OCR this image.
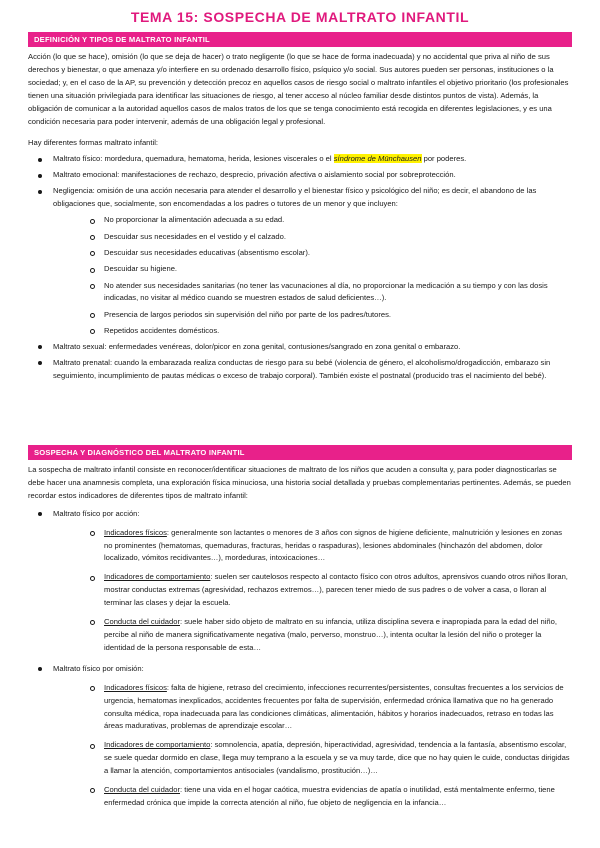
TEMA 15: SOSPECHA DE MALTRATO INFANTIL
DEFINICIÓN Y TIPOS DE MALTRATO INFANTIL

Acción (lo que se hace), omisión (lo que se deja de hacer) o trato negligente (lo que se hace de forma inadecuada) y no accidental que priva al niño de sus derechos y bienestar, o que amenaza y/o interfiere en su ordenado desarrollo físico, psíquico y/o social. Sus autores pueden ser personas, instituciones o la sociedad; y, en el caso de la AP, su prevención y detección precoz en aquellos casos de riesgo social o maltrato infantiles el objetivo prioritario (los profesionales tienen una situación privilegiada para identificar las situaciones de riesgo, al tener acceso al núcleo familiar desde distintos puntos de vista). Además, la obligación de comunicar a la autoridad aquellos casos de malos tratos de los que se tenga conocimiento está recogida en diferentes legislaciones, y es una condición necesaria para poder intervenir, además de una obligación legal y profesional.

Hay diferentes formas maltrato infantil:

Maltrato físico: mordedura, quemadura, hematoma, herida, lesiones viscerales o el síndrome de Münchausen por poderes.
Maltrato emocional: manifestaciones de rechazo, desprecio, privación afectiva o aislamiento social por sobreprotección.
Negligencia: omisión de una acción necesaria para atender el desarrollo y el bienestar físico y psicológico del niño; es decir, el abandono de las obligaciones que, socialmente, son encomendadas a los padres o tutores de un menor y que incluyen:
No proporcionar la alimentación adecuada a su edad.
Descuidar sus necesidades en el vestido y el calzado.
Descuidar sus necesidades educativas (absentismo escolar).
Descuidar su higiene.
No atender sus necesidades sanitarias (no tener las vacunaciones al día, no proporcionar la medicación a su tiempo y con las dosis indicadas, no visitar al médico cuando se muestren estados de salud deficientes…).
Presencia de largos periodos sin supervisión del niño por parte de los padres/tutores.
Repetidos accidentes domésticos.
Maltrato sexual: enfermedades venéreas, dolor/picor en zona genital, contusiones/sangrado en zona genital o embarazo.
Maltrato prenatal: cuando la embarazada realiza conductas de riesgo para su bebé (violencia de género, el alcoholismo/drogadicción, embarazo sin seguimiento, incumplimiento de pautas médicas o exceso de trabajo corporal). También existe el postnatal (producido tras el nacimiento del bebé).
SOSPECHA Y DIAGNÓSTICO DEL MALTRATO INFANTIL

La sospecha de maltrato infantil consiste en reconocer/identificar situaciones de maltrato de los niños que acuden a consulta y, para poder diagnosticarlas se debe hacer una anamnesis completa, una exploración física minuciosa, una historia social detallada y pruebas complementarias pertinentes. Además, se pueden recordar estos indicadores de diferentes tipos de maltrato infantil:

Maltrato físico por acción:
Indicadores físicos: generalmente son lactantes o menores de 3 años con signos de higiene deficiente, malnutrición y lesiones en zonas no prominentes (hematomas, quemaduras, fracturas, heridas o raspaduras), lesiones abdominales (hinchazón del abdomen, dolor localizado, vómitos recidivantes…), mordeduras, intoxicaciones…
Indicadores de comportamiento: suelen ser cautelosos respecto al contacto físico con otros adultos, aprensivos cuando otros niños lloran, mostrar conductas extremas (agresividad, rechazos extremos…), parecen tener miedo de sus padres o de volver a casa, o lloran al terminar las clases y dejar la escuela.
Conducta del cuidador: suele haber sido objeto de maltrato en su infancia, utiliza disciplina severa e inapropiada para la edad del niño, percibe al niño de manera significativamente negativa (malo, perverso, monstruo…), intenta ocultar la lesión del niño o proteger la identidad de la persona responsable de esta…
Maltrato físico por omisión:
Indicadores físicos: falta de higiene, retraso del crecimiento, infecciones recurrentes/persistentes, consultas frecuentes a los servicios de urgencia, hematomas inexplicados, accidentes frecuentes por falta de supervisión, enfermedad crónica llamativa que no ha generado consulta médica, ropa inadecuada para las condiciones climáticas, alimentación, hábitos y horarios inadecuados, retraso en todas las áreas madurativas, problemas de aprendizaje escolar…
Indicadores de comportamiento: somnolencia, apatía, depresión, hiperactividad, agresividad, tendencia a la fantasía, absentismo escolar, se suele quedar dormido en clase, llega muy temprano a la escuela y se va muy tarde, dice que no hay quien le cuide, conductas dirigidas a llamar la atención, comportamientos antisociales (vandalismo, prostitución…)…
Conducta del cuidador: tiene una vida en el hogar caótica, muestra evidencias de apatía o inutilidad, está mentalmente enfermo, tiene enfermedad crónica que impide la correcta atención al niño, fue objeto de negligencia en la infancia…
